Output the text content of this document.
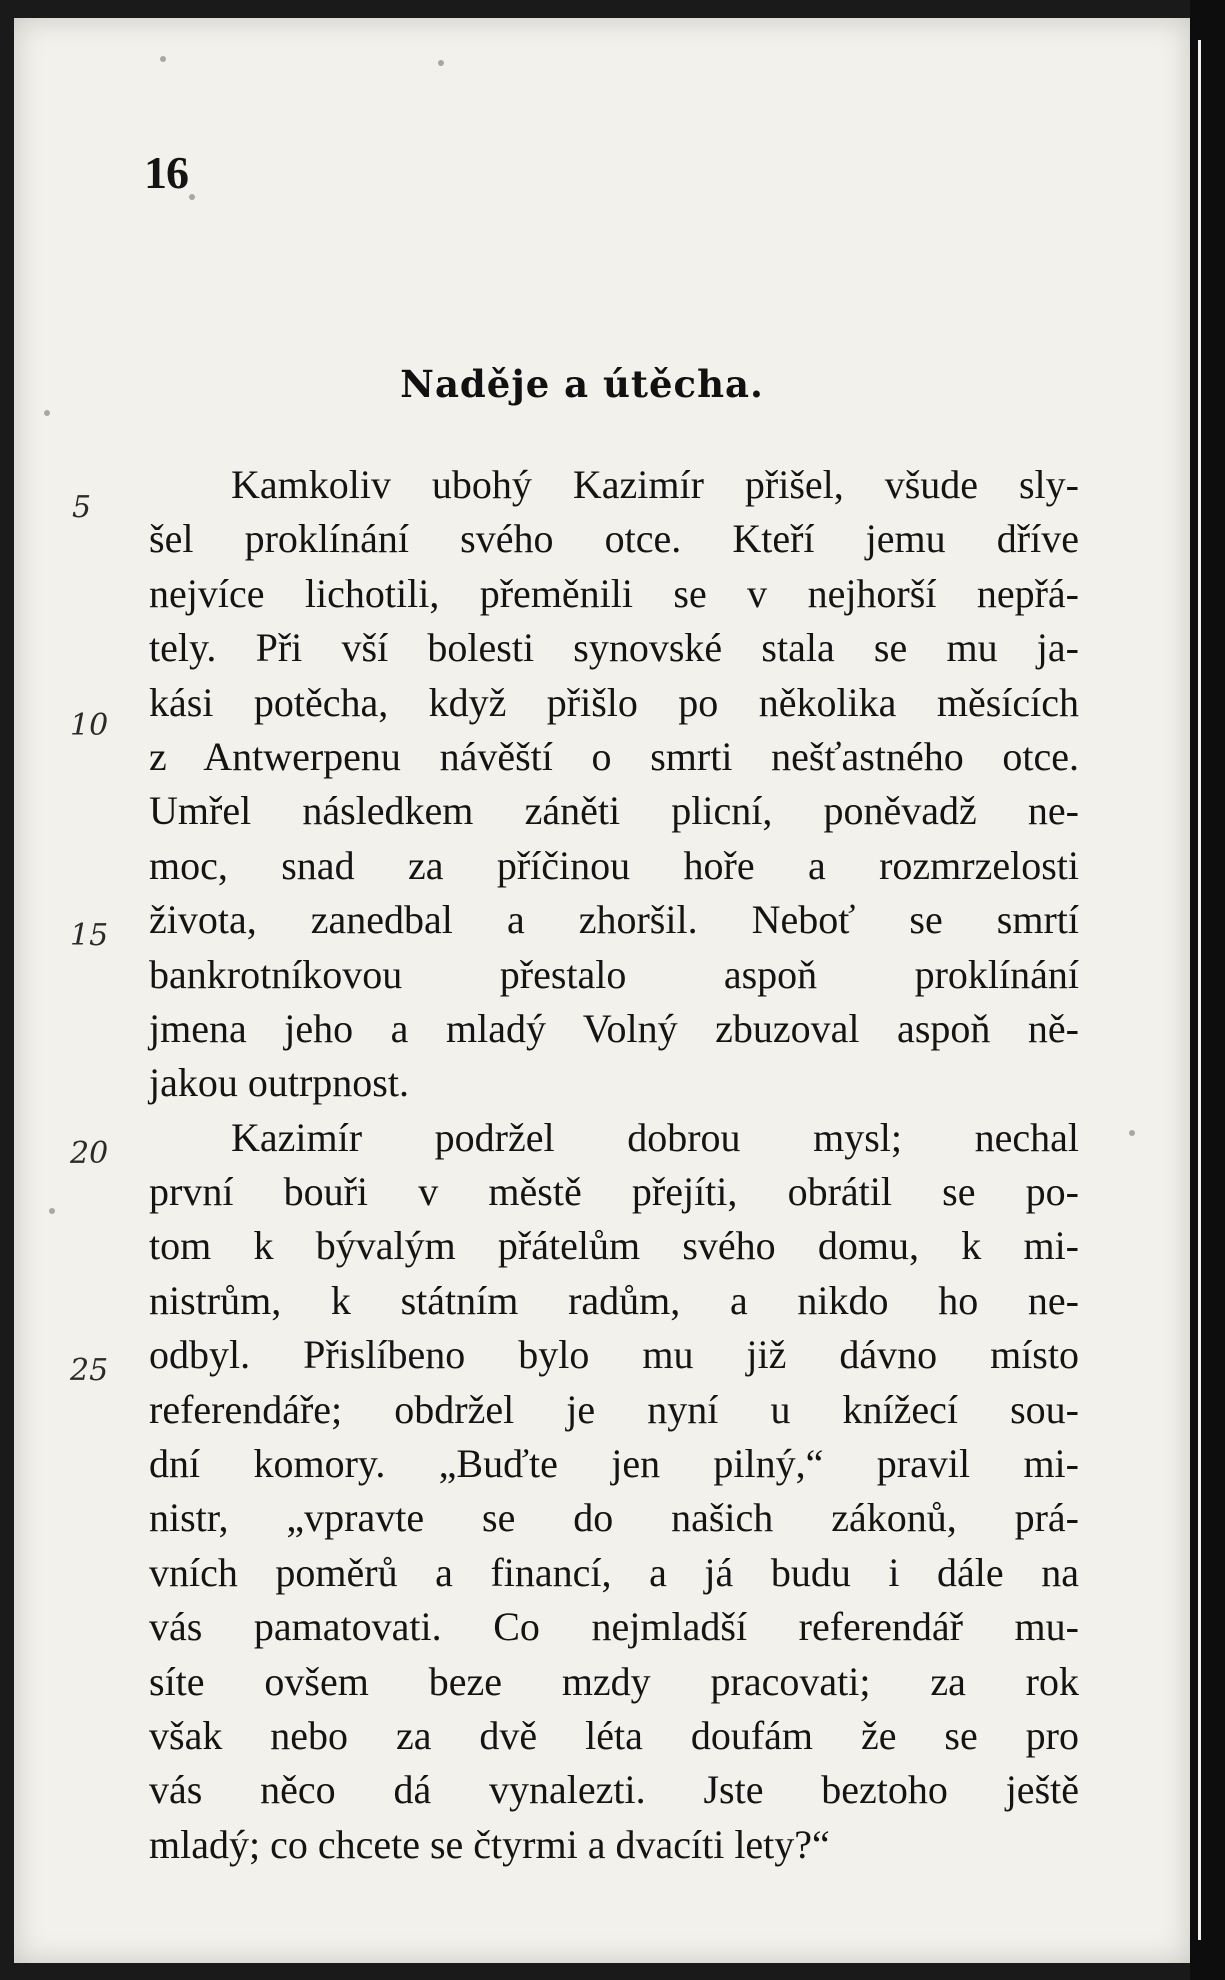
16
Naděje a útěcha.
5
10
15
20
25
Kamkoliv ubohý Kazimír přišel, všude sly-
šel proklínání svého otce. Kteří jemu dříve
nejvíce lichotili, přeměnili se v nejhorší nepřá-
tely. Při vší bolesti synovské stala se mu ja-
kási potěcha, když přišlo po několika měsících
z Antwerpenu návěští o smrti nešťastného otce.
Umřel následkem záněti plicní, poněvadž ne-
moc, snad za příčinou hoře a rozmrzelosti
života, zanedbal a zhoršil. Neboť se smrtí
bankrotníkovou přestalo aspoň proklínání
jmena jeho a mladý Volný zbuzoval aspoň ně-
jakou outrpnost.
Kazimír podržel dobrou mysl; nechal
první bouři v městě přejíti, obrátil se po-
tom k bývalým přátelům svého domu, k mi-
nistrům, k státním radům, a nikdo ho ne-
odbyl. Přislíbeno bylo mu již dávno místo
referendáře; obdržel je nyní u knížecí sou-
dní komory. „Buďte jen pilný,“ pravil mi-
nistr, „vpravte se do našich zákonů, prá-
vních poměrů a financí, a já budu i dále na
vás pamatovati. Co nejmladší referendář mu-
síte ovšem beze mzdy pracovati; za rok
však nebo za dvě léta doufám že se pro
vás něco dá vynalezti. Jste beztoho ještě
mladý; co chcete se čtyrmi a dvacíti lety?“
